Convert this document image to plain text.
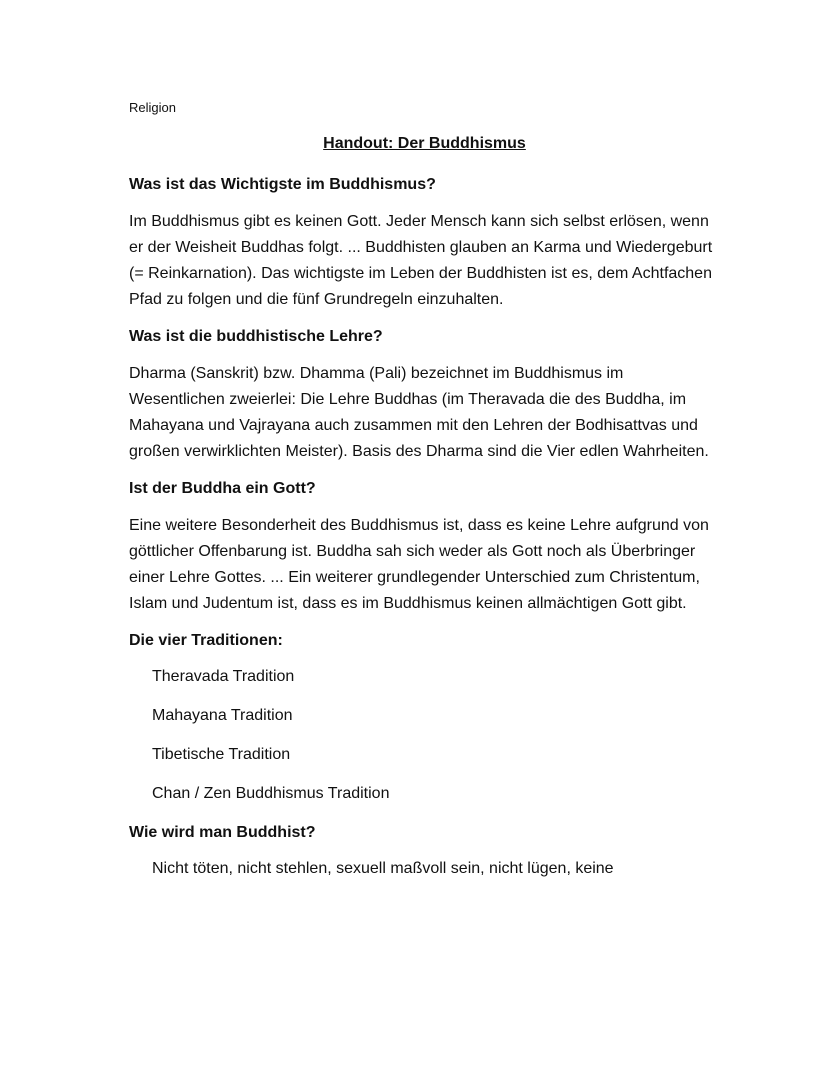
Religion
Handout: Der Buddhismus
Was ist das Wichtigste im Buddhismus?

Im Buddhismus gibt es keinen Gott. Jeder Mensch kann sich selbst erlösen, wenn er der Weisheit Buddhas folgt. ... Buddhisten glauben an Karma und Wiedergeburt (= Reinkarnation). Das wichtigste im Leben der Buddhisten ist es, dem Achtfachen Pfad zu folgen und die fünf Grundregeln einzuhalten.

Was ist die buddhistische Lehre?

Dharma (Sanskrit) bzw. Dhamma (Pali) bezeichnet im Buddhismus im Wesentlichen zweierlei: Die Lehre Buddhas (im Theravada die des Buddha, im Mahayana und Vajrayana auch zusammen mit den Lehren der Bodhisattvas und großen verwirklichten Meister). Basis des Dharma sind die Vier edlen Wahrheiten.

Ist der Buddha ein Gott?

Eine weitere Besonderheit des Buddhismus ist, dass es keine Lehre aufgrund von göttlicher Offenbarung ist. Buddha sah sich weder als Gott noch als Überbringer einer Lehre Gottes. ... Ein weiterer grundlegender Unterschied zum Christentum, Islam und Judentum ist, dass es im Buddhismus keinen allmächtigen Gott gibt.

Die vier Traditionen:
Theravada Tradition
Mahayana Tradition
Tibetische Tradition
Chan / Zen Buddhismus Tradition
Wie wird man Buddhist?
Nicht töten, nicht stehlen, sexuell maßvoll sein, nicht lügen, keine
